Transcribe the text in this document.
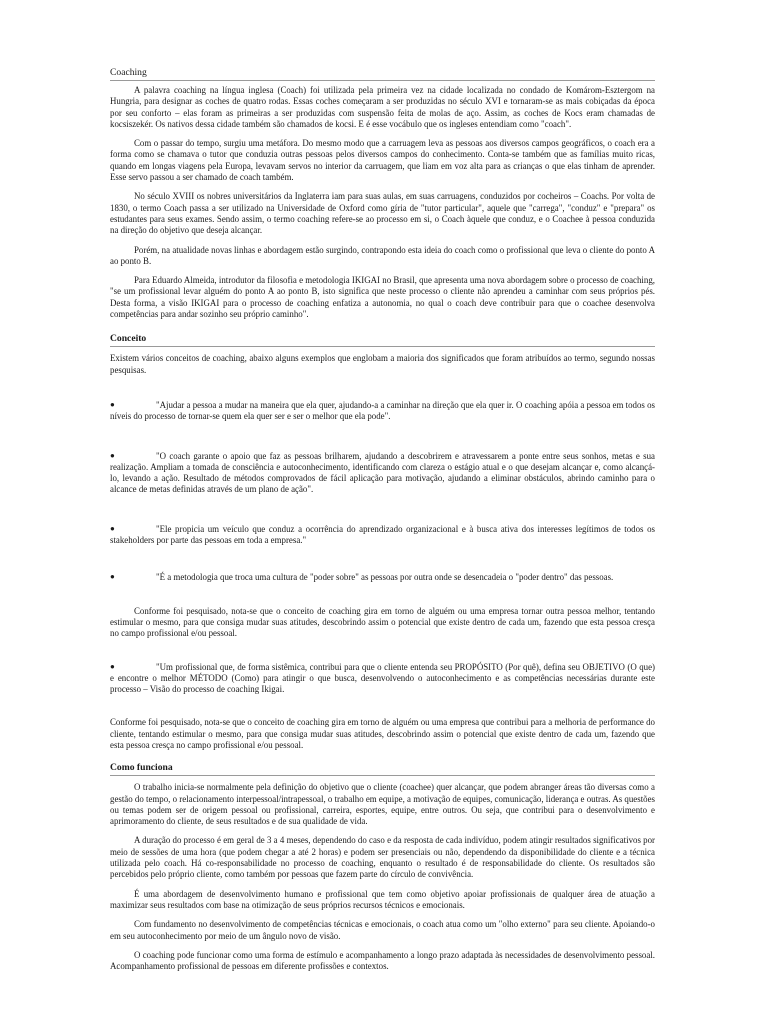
Coaching

A palavra coaching na língua inglesa (Coach) foi utilizada pela primeira vez na cidade localizada no condado de Komárom-Esztergom na Hungria, para designar as coches de quatro rodas. Essas coches começaram a ser produzidas no século XVI e tornaram-se as mais cobiçadas da época por seu conforto – elas foram as primeiras a ser produzidas com suspensão feita de molas de aço. Assim, as coches de Kocs eram chamadas de kocsiszekér. Os nativos dessa cidade também são chamados de kocsi. E é esse vocábulo que os ingleses entendiam como "coach".

Com o passar do tempo, surgiu uma metáfora. Do mesmo modo que a carruagem leva as pessoas aos diversos campos geográficos, o coach era a forma como se chamava o tutor que conduzia outras pessoas pelos diversos campos do conhecimento. Conta-se também que as famílias muito ricas, quando em longas viagens pela Europa, levavam servos no interior da carruagem, que liam em voz alta para as crianças o que elas tinham de aprender. Esse servo passou a ser chamado de coach também.

No século XVIII os nobres universitários da Inglaterra iam para suas aulas, em suas carruagens, conduzidos por cocheiros – Coachs. Por volta de 1830, o termo Coach passa a ser utilizado na Universidade de Oxford como gíria de "tutor particular", aquele que "carrega", "conduz" e "prepara" os estudantes para seus exames. Sendo assim, o termo coaching refere-se ao processo em si, o Coach àquele que conduz, e o Coachee à pessoa conduzida na direção do objetivo que deseja alcançar.

Porém, na atualidade novas linhas e abordagem estão surgindo, contrapondo esta ideia do coach como o profissional que leva o cliente do ponto A ao ponto B.

Para Eduardo Almeida, introdutor da filosofia e metodologia IKIGAI no Brasil, que apresenta uma nova abordagem sobre o processo de coaching, "se um profissional levar alguém do ponto A ao ponto B, isto significa que neste processo o cliente não aprendeu a caminhar com seus próprios pés. Desta forma, a visão IKIGAI para o processo de coaching enfatiza a autonomia, no qual o coach deve contribuir para que o coachee desenvolva competências para andar sozinho seu próprio caminho".

Conceito

Existem vários conceitos de coaching, abaixo alguns exemplos que englobam a maioria dos significados que foram atribuídos ao termo, segundo nossas pesquisas.

●	"Ajudar a pessoa a mudar na maneira que ela quer, ajudando-a a caminhar na direção que ela quer ir. O coaching apóia a pessoa em todos os níveis do processo de tornar-se quem ela quer ser e ser o melhor que ela pode".

●	"O coach garante o apoio que faz as pessoas brilharem, ajudando a descobrirem e atravessarem a ponte entre seus sonhos, metas e sua realização. Ampliam a tomada de consciência e autoconhecimento, identificando com clareza o estágio atual e o que desejam alcançar e, como alcançá-lo, levando a ação. Resultado de métodos comprovados de fácil aplicação para motivação, ajudando a eliminar obstáculos, abrindo caminho para o alcance de metas definidas através de um plano de ação".

●	"Ele propicia um veículo que conduz a ocorrência do aprendizado organizacional e à busca ativa dos interesses legítimos de todos os stakeholders por parte das pessoas em toda a empresa."

●	"É a metodologia que troca uma cultura de "poder sobre" as pessoas por outra onde se desencadeia o "poder dentro" das pessoas.

Conforme foi pesquisado, nota-se que o conceito de coaching gira em torno de alguém ou uma empresa tornar outra pessoa melhor, tentando estimular o mesmo, para que consiga mudar suas atitudes, descobrindo assim o potencial que existe dentro de cada um, fazendo que esta pessoa cresça no campo profissional e/ou pessoal.

●	"Um profissional que, de forma sistêmica, contribui para que o cliente entenda seu PROPÓSITO (Por quê), defina seu OBJETIVO (O que) e encontre o melhor MÉTODO (Como) para atingir o que busca, desenvolvendo o autoconhecimento e as competências necessárias durante este processo – Visão do processo de coaching Ikigai.

Conforme foi pesquisado, nota-se que o conceito de coaching gira em torno de alguém ou uma empresa que contribui para a melhoria de performance do cliente, tentando estimular o mesmo, para que consiga mudar suas atitudes, descobrindo assim o potencial que existe dentro de cada um, fazendo que esta pessoa cresça no campo profissional e/ou pessoal.

Como funciona

O trabalho inicia-se normalmente pela definição do objetivo que o cliente (coachee) quer alcançar, que podem abranger áreas tão diversas como a gestão do tempo, o relacionamento interpessoal/intrapessoal, o trabalho em equipe, a motivação de equipes, comunicação, liderança e outras. As questões ou temas podem ser de origem pessoal ou profissional, carreira, esportes, equipe, entre outros. Ou seja, que contribui para o desenvolvimento e aprimoramento do cliente, de seus resultados e de sua qualidade de vida.

A duração do processo é em geral de 3 a 4 meses, dependendo do caso e da resposta de cada indivíduo, podem atingir resultados significativos por meio de sessões de uma hora (que podem chegar a até 2 horas) e podem ser presenciais ou não, dependendo da disponibilidade do cliente e a técnica utilizada pelo coach. Há co-responsabilidade no processo de coaching, enquanto o resultado é de responsabilidade do cliente. Os resultados são percebidos pelo próprio cliente, como também por pessoas que fazem parte do círculo de convivência.

É uma abordagem de desenvolvimento humano e profissional que tem como objetivo apoiar profissionais de qualquer área de atuação a maximizar seus resultados com base na otimização de seus próprios recursos técnicos e emocionais.

Com fundamento no desenvolvimento de competências técnicas e emocionais, o coach atua como um "olho externo" para seu cliente. Apoiando-o em seu autoconhecimento por meio de um ângulo novo de visão.

O coaching pode funcionar como uma forma de estímulo e acompanhamento a longo prazo adaptada às necessidades de desenvolvimento pessoal. Acompanhamento profissional de pessoas em diferente profissões e contextos.
